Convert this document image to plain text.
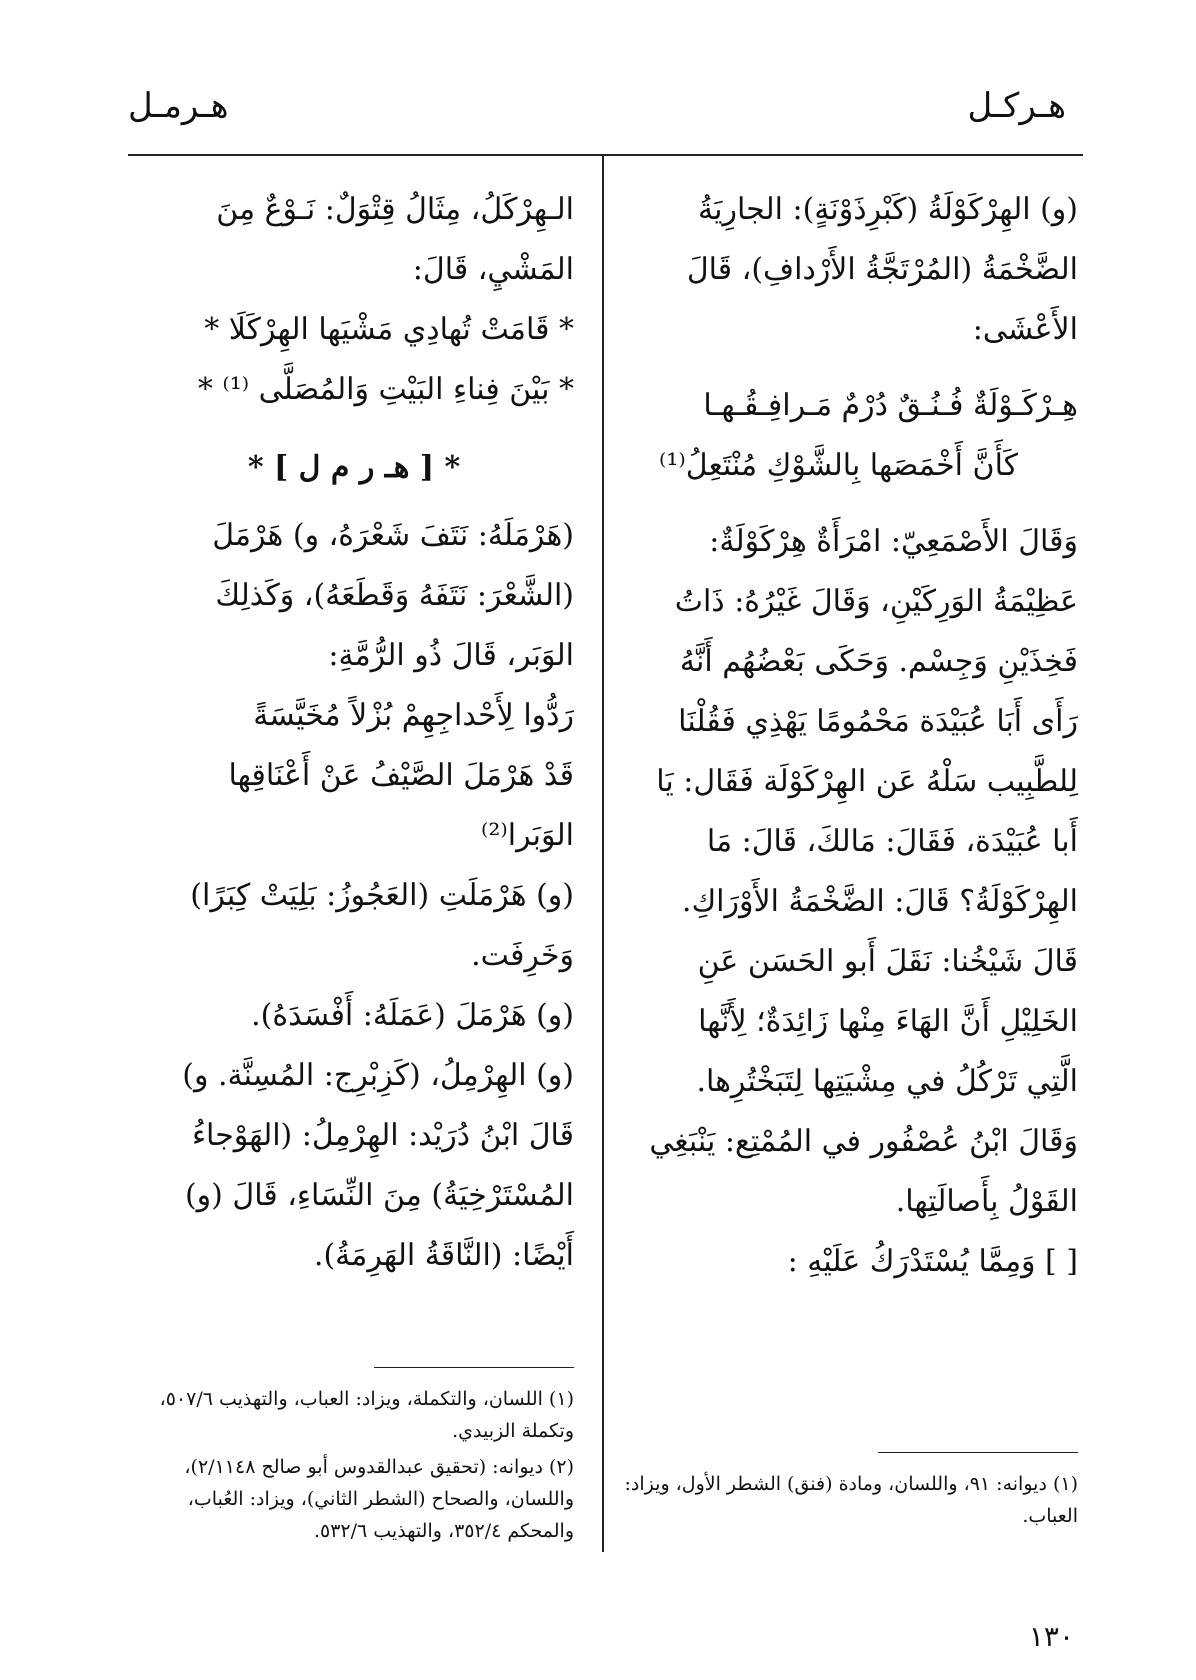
هـركـل
هـرمـل

(و) الهِرْكَوْلَةُ (كَبْرِذَوْنَةٍ): الجارِيَةُ

الضَّخْمَةُ (المُرْتَجَّةُ الأَرْدافِ)، قَالَ

الأَعْشَى:

هِـرْكَـوْلَةٌ فُـنُـقٌ دُرْمٌ مَـرافِـقُـهـا

كَأَنَّ أَخْمَصَها بِالشَّوْكِ مُنْتَعِلُ⁽¹⁾

وَقَالَ الأَصْمَعِيّ: امْرَأَةٌ هِرْكَوْلَةٌ:

عَظِيْمَةُ الوَرِكَيْنِ، وَقَالَ غَيْرُهُ: ذَاتُ

فَخِذَيْنِ وَجِسْم. وَحَكَى بَعْضُهُم أَنَّهُ

رَأَى أَبَا عُبَيْدَة مَحْمُومًا يَهْذِي فَقُلْنَا

لِلطَّبِيب سَلْهُ عَن الهِرْكَوْلَة فَقَال: يَا

أَبا عُبَيْدَة، فَقَالَ: مَالكَ، قَالَ: مَا

الهِرْكَوْلَةُ؟ قَالَ: الضَّخْمَةُ الأَوْرَاكِ.

قَالَ شَيْخُنا: نَقَلَ أَبو الحَسَن عَنِ

الخَلِيْلِ أَنَّ الهَاءَ مِنْها زَائِدَةٌ؛ لِأَنَّها

الَّتِي تَرْكُلُ في مِشْيَتِها لِتَبَخْتُرِها.

وَقَالَ ابْنُ عُصْفُور في المُمْتِع: يَنْبَغِي

القَوْلُ بِأَصالَتِها.

[ ] وَمِمَّا يُسْتَدْرَكُ عَلَيْهِ :

الـهِرْكَلُ، مِثَالُ قِتْوَلٌ: نَـوْعٌ مِنَ

المَشْيِ، قَالَ:

* قَامَتْ تُهادِي مَشْيَها الهِرْكَلَا *

* بَيْنَ فِناءِ البَيْتِ وَالمُصَلَّى ⁽¹⁾ *

* [ هـ ر م ل ] *

(هَرْمَلَهُ: نَتَفَ شَعْرَهُ، و) هَرْمَلَ

(الشَّعْرَ: نَتَفَهُ وَقَطَعَهُ)، وَكَذلِكَ

الوَبَر، قَالَ ذُو الرُّمَّةِ:

رَدُّوا لِأَحْداجِهِمْ بُزْلاً مُخَيَّسَةً

قَدْ هَرْمَلَ الصَّيْفُ عَنْ أَعْنَاقِها الوَبَرا⁽²⁾

(و) هَرْمَلَتِ (العَجُوزُ: بَلِيَتْ كِبَرًا)

وَخَرِفَت.

(و) هَرْمَلَ (عَمَلَهُ: أَفْسَدَهُ).

(و) الهِرْمِلُ، (كَزِبْرِج: المُسِنَّة. و)

قَالَ ابْنُ دُرَيْد: الهِرْمِلُ: (الهَوْجاءُ

المُسْتَرْخِيَةُ) مِنَ النِّسَاءِ، قَالَ (و)

أَيْضًا: (النَّاقَةُ الهَرِمَةُ).

(١) ديوانه: ٩١، واللسان، ومادة (فنق) الشطر الأول، ويزاد: العباب.

(١) اللسان، والتكملة، ويزاد: العباب، والتهذيب ٥٠٧/٦، وتكملة الزبيدي.

(٢) ديوانه: (تحقيق عبدالقدوس أبو صالح ٢/١١٤٨)، واللسان، والصحاح (الشطر الثاني)، ويزاد: العُباب، والمحكم ٣٥٢/٤، والتهذيب ٥٣٢/٦.

١٣٠
